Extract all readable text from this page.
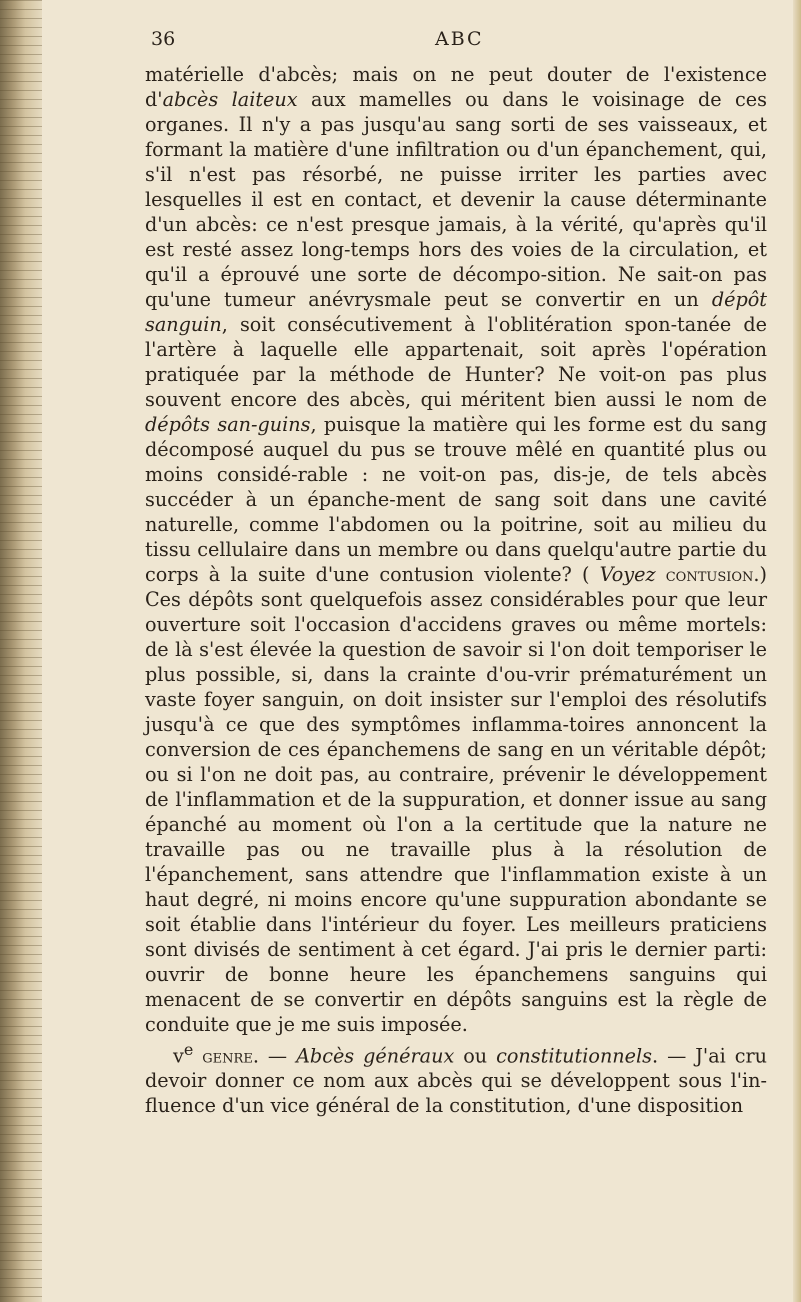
36	ABC

matérielle d'abcès; mais on ne peut douter de l'existence d'abcès laiteux aux mamelles ou dans le voisinage de ces organes. Il n'y a pas jusqu'au sang sorti de ses vaisseaux, et formant la matière d'une infiltration ou d'un épanchement, qui, s'il n'est pas résorbé, ne puisse irriter les parties avec lesquelles il est en contact, et devenir la cause déterminante d'un abcès: ce n'est presque jamais, à la vérité, qu'après qu'il est resté assez long-temps hors des voies de la circulation, et qu'il a éprouvé une sorte de décompo-sition. Ne sait-on pas qu'une tumeur anévrysmale peut se convertir en un dépôt sanguin, soit consécutivement à l'oblitération spon-tanée de l'artère à laquelle elle appartenait, soit après l'opération pratiquée par la méthode de Hunter? Ne voit-on pas plus souvent encore des abcès, qui méritent bien aussi le nom de dépôts san-guins, puisque la matière qui les forme est du sang décomposé auquel du pus se trouve mêlé en quantité plus ou moins considé-rable : ne voit-on pas, dis-je, de tels abcès succéder à un épanche-ment de sang soit dans une cavité naturelle, comme l'abdomen ou la poitrine, soit au milieu du tissu cellulaire dans un membre ou dans quelqu'autre partie du corps à la suite d'une contusion violente? ( Voyez contusion.) Ces dépôts sont quelquefois assez considérables pour que leur ouverture soit l'occasion d'accidens graves ou même mortels: de là s'est élevée la question de savoir si l'on doit temporiser le plus possible, si, dans la crainte d'ou-vrir prématurément un vaste foyer sanguin, on doit insister sur l'emploi des résolutifs jusqu'à ce que des symptômes inflamma-toires annoncent la conversion de ces épanchemens de sang en un véritable dépôt; ou si l'on ne doit pas, au contraire, prévenir le développement de l'inflammation et de la suppuration, et donner issue au sang épanché au moment où l'on a la certitude que la nature ne travaille pas ou ne travaille plus à la résolution de l'épanchement, sans attendre que l'inflammation existe à un haut degré, ni moins encore qu'une suppuration abondante se soit établie dans l'intérieur du foyer. Les meilleurs praticiens sont divisés de sentiment à cet égard. J'ai pris le dernier parti: ouvrir de bonne heure les épanchemens sanguins qui menacent de se convertir en dépôts sanguins est la règle de conduite que je me suis imposée.

$v^e$ genre. — Abcès généraux ou constitutionnels. — J'ai cru devoir donner ce nom aux abcès qui se développent sous l'in-fluence d'un vice général de la constitution, d'une disposition
